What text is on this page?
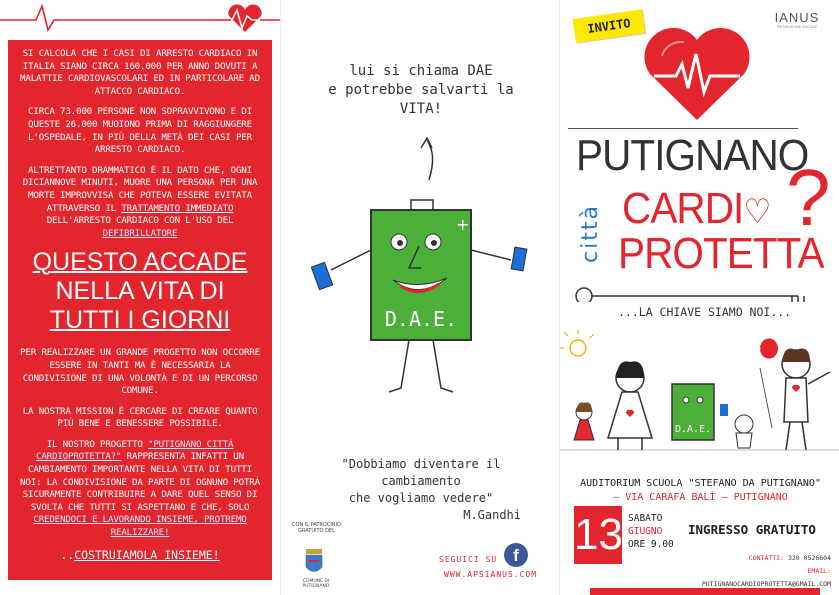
SI CALCOLA CHE I CASI DI ARRESTO CARDIACO IN ITALIA SIANO CIRCA 160.000 PER ANNO DOVUTI A MALATTIE CARDIOVASCOLARI ED IN PARTICOLARE AD ATTACCO CARDIACO.

CIRCA 73.000 PERSONE NON SOPRAVVIVONO E DI QUESTE 26.000 MUOIONO PRIMA DI RAGGIUNGERE L'OSPEDALE, IN PIÙ DELLA METÀ DEI CASI PER ARRESTO CARDIACO.

ALTRETTANTO DRAMMATICO È IL DATO CHE, OGNI DICIANNOVE MINUTI, MUORE UNA PERSONA PER UNA MORTE IMPROVVISA CHE POTEVA ESSERE EVITATA ATTRAVERSO IL TRATTAMENTO IMMEDIATO DELL'ARRESTO CARDIACO CON L'USO DEL DEFIBRILLATORE

QUESTO ACCADE
NELLA VITA DI
TUTTI I GIORNI

PER REALIZZARE UN GRANDE PROGETTO NON OCCORRE ESSERE IN TANTI MA È NECESSARIA LA CONDIVISIONE DI UNA VOLONTÀ E DI UN PERCORSO COMUNE.

LA NOSTRA MISSION È CERCARE DI CREARE QUANTO PIÙ BENE E BENESSERE POSSIBILE.

IL NOSTRO PROGETTO "PUTIGNANO CITTÀ CARDIOPROTETTA?" RAPPRESENTA INFATTI UN CAMBIAMENTO IMPORTANTE NELLA VITA DI TUTTI NOI: LA CONDIVISIONE DA PARTE DI OGNUNO POTRÀ SICURAMENTE CONTRIBUIRE A DARE QUEL SENSO DI SVOLTA CHE TUTTI SI ASPETTANO E CHE, SOLO CREDENDOCI E LAVORANDO INSIEME, PROTREMO REALIZZARE!

..COSTRUIAMOLA INSIEME!
lui si chiama DAE
e potrebbe salvarti la
VITA!
+
D.A.E.
"Dobbiamo diventare il cambiamento
che vogliamo vedere"
M.Gandhi
CON IL PATROCINIO GRATUITO DEL
COMUNE DI PUTIGNANO
SEGUICI SU f
WWW.APSIANUS.COM
INVITO	IANUS
PROMOZIONE SOCIALE
PUTIGNANO
città CARDI♡
PROTETTA
?
...LA CHIAVE SIAMO NOI...
D.A.E.
?
AUDITORIUM SCUOLA "STEFANO DA PUTIGNANO"
– VIA CARAFA BALÌ – PUTIGNANO
13 SABATO
GIUGNO
ORE 9.00
INGRESSO GRATUITO
CONTATTI: 320 0526604
EMAIL: PUTIGNANOCARDIOPROTETTA@GMAIL.COM
